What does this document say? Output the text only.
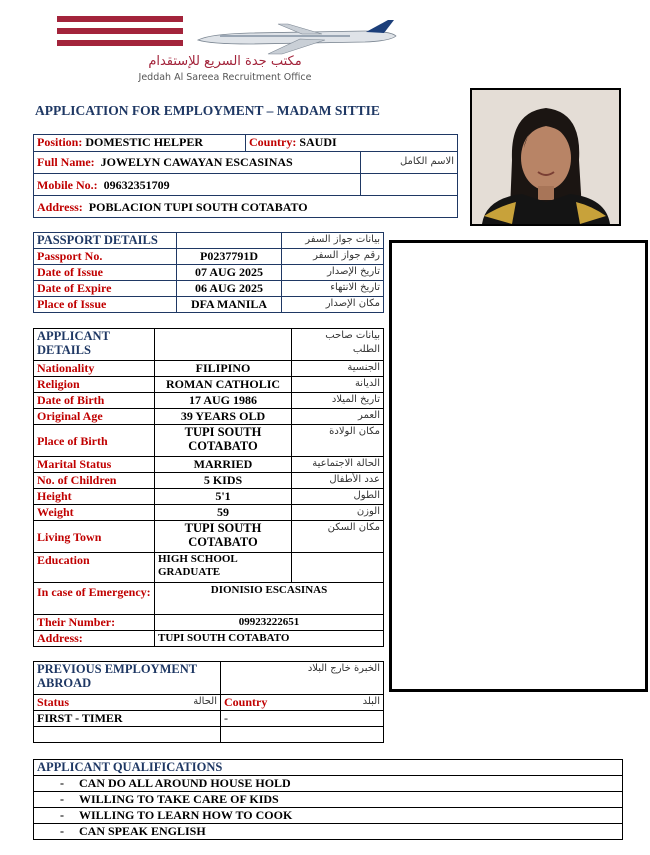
مكتب جدة السريع للإستقدام
Jeddah Al Sareea Recruitment Office
APPLICATION FOR EMPLOYMENT – MADAM SITTIE
Position: DOMESTIC HELPER	Country: SAUDI	
Full Name: JOWELYN CAWAYAN ESCASINAS		الاسم الكامل
Mobile No.: 09632351709		
Address: POBLACION TUPI SOUTH COTABATO		
PASSPORT DETAILS		بيانات جواز السفر
Passport No.	P0237791D	رقم جواز السفر
Date of Issue	07 AUG 2025	تاريخ الإصدار
Date of Expire	06 AUG 2025	تاريخ الانتهاء
Place of Issue	DFA MANILA	مكان الإصدار
APPLICANT DETAILS		بيانات صاحب الطلب
Nationality	FILIPINO	الجنسية
Religion	ROMAN CATHOLIC	الديانة
Date of Birth	17 AUG 1986	تاريخ الميلاد
Original Age	39 YEARS OLD	العمر
Place of Birth	TUPI SOUTH COTABATO	مكان الولادة
Marital Status	MARRIED	الحالة الاجتماعية
No. of Children	5 KIDS	عدد الأطفال
Height	5'1	الطول
Weight	59	الوزن
Living Town	TUPI SOUTH COTABATO	مكان السكن
Education	HIGH SCHOOL GRADUATE	
In case of Emergency:	DIONISIO ESCASINAS	
Their Number:	09923222651	
Address:	TUPI SOUTH COTABATO	
PREVIOUS EMPLOYMENT ABROAD	الخبرة خارج البلاد
Status الحالة	Country البلد

FIRST - TIMER	-

APPLICANT QUALIFICATIONS
-     CAN DO ALL AROUND HOUSE HOLD
-     WILLING TO TAKE CARE OF KIDS
-     WILLING TO LEARN HOW TO COOK
-     CAN SPEAK ENGLISH
